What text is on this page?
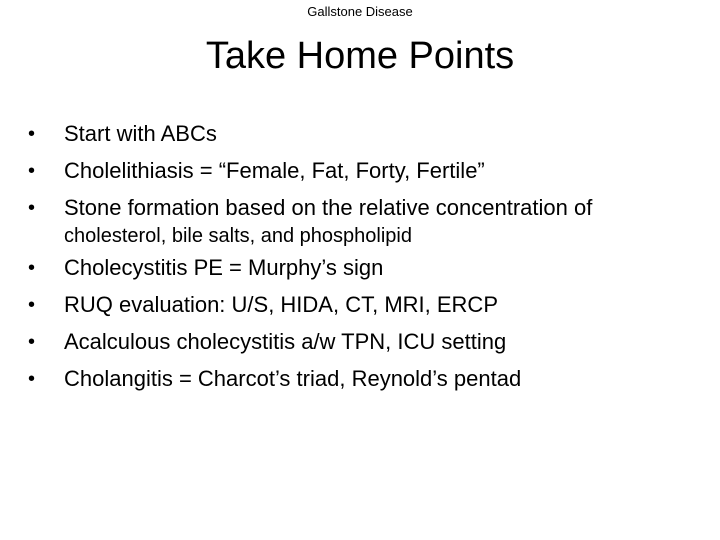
Gallstone Disease
Take Home Points
•	Start with ABCs
•	Cholelithiasis = “Female, Fat, Forty, Fertile”
•	Stone formation based on the relative concentration of
cholesterol, bile salts, and phospholipid
•	Cholecystitis PE = Murphy’s sign
•	RUQ evaluation: U/S, HIDA, CT, MRI, ERCP
•	Acalculous cholecystitis a/w TPN, ICU setting
•	Cholangitis = Charcot’s triad, Reynold’s pentad
